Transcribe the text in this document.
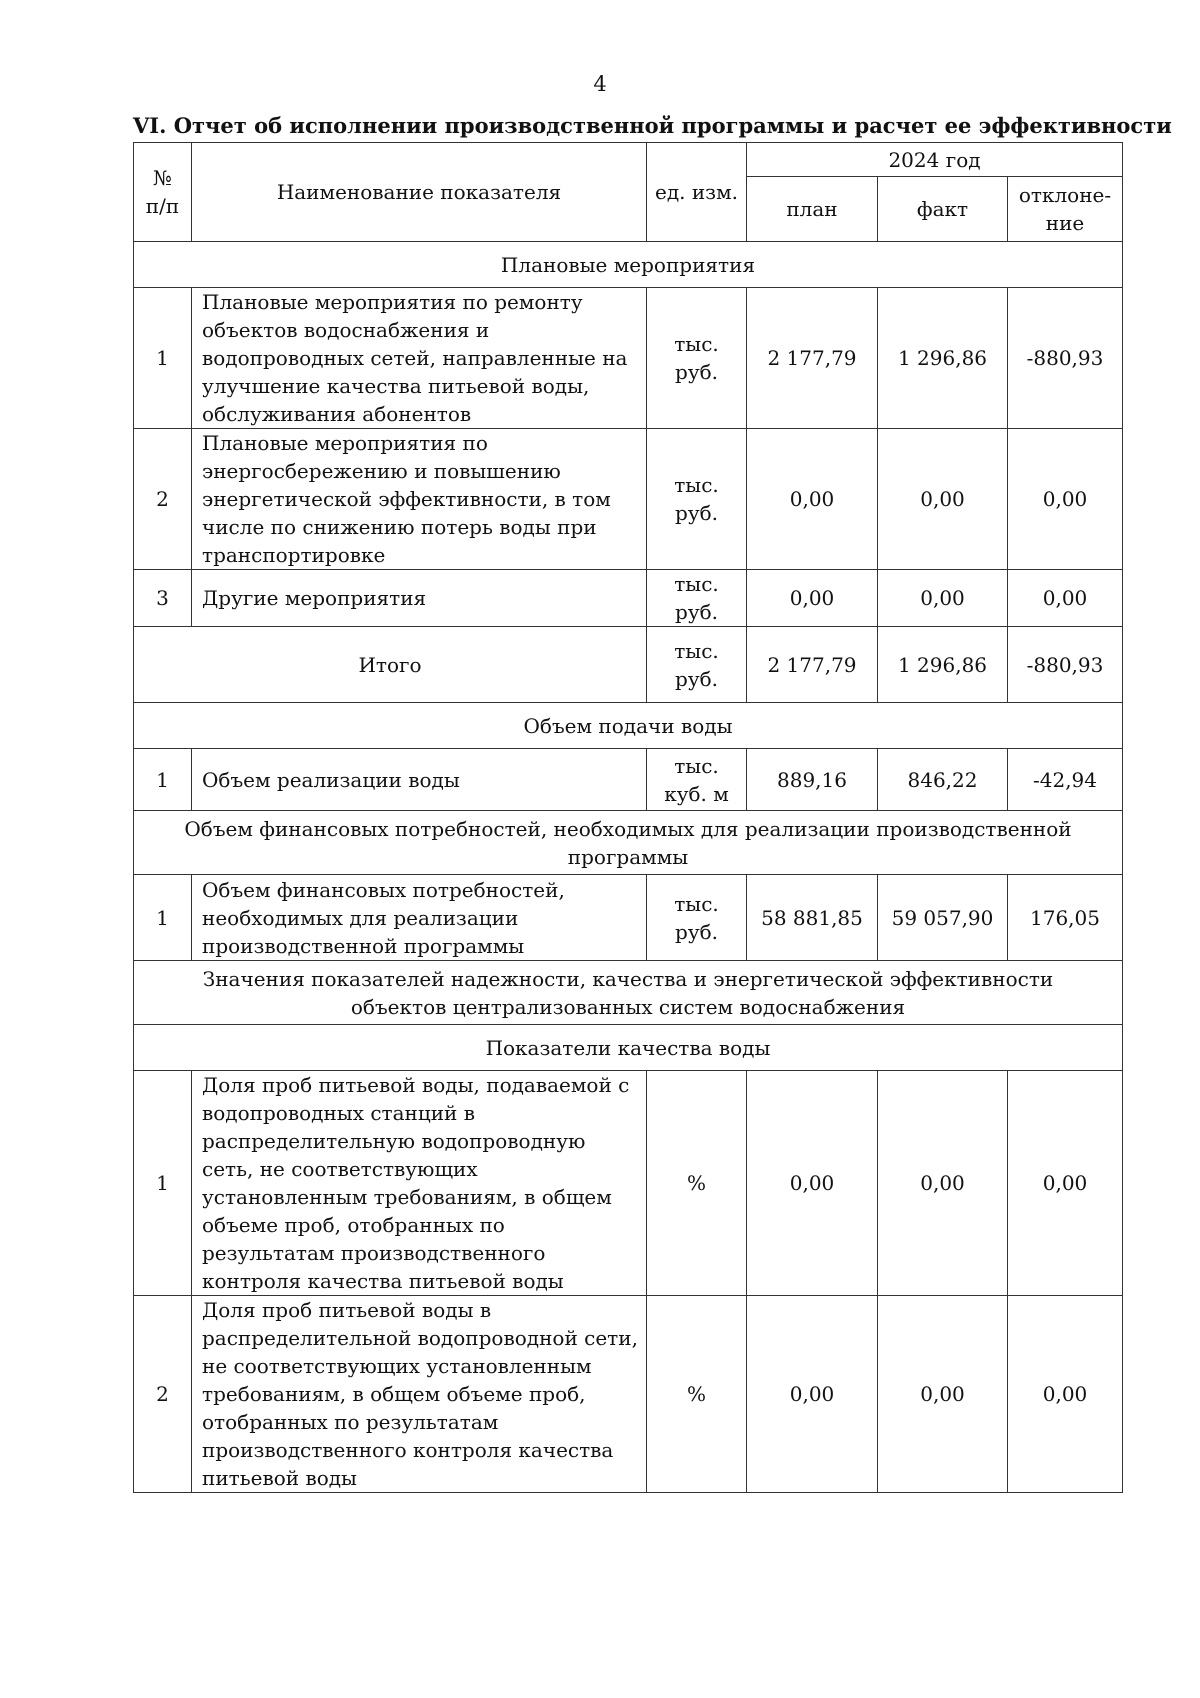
4
VI. Отчет об исполнении производственной программы и расчет ее эффективности
№ п/п	Наименование показателя	ед. изм.	2024 год		
			план	факт	отклоне-ние
Плановые мероприятия					
1	Плановые мероприятия по ремонту объектов водоснабжения и водопроводных сетей, направленные на улучшение качества питьевой воды, обслуживания абонентов	тыс. руб.	2 177,79	1 296,86	-880,93
2	Плановые мероприятия по энергосбережению и повышению энергетической эффективности, в том числе по снижению потерь воды при транспортировке	тыс. руб.	0,00	0,00	0,00
3	Другие мероприятия	тыс. руб.	0,00	0,00	0,00
Итого		тыс. руб.	2 177,79	1 296,86	-880,93
Объем подачи воды					
1	Объем реализации воды	тыс. куб. м	889,16	846,22	-42,94
Объем финансовых потребностей, необходимых для реализации производственной программы					
1	Объем финансовых потребностей, необходимых для реализации производственной программы	тыс. руб.	58 881,85	59 057,90	176,05
Значения показателей надежности, качества и энергетической эффективности объектов централизованных систем водоснабжения					
Показатели качества воды					
1	Доля проб питьевой воды, подаваемой с водопроводных станций в распределительную водопроводную сеть, не соответствующих установленным требованиям, в общем объеме проб, отобранных по результатам производственного контроля качества питьевой воды	%	0,00	0,00	0,00
2	Доля проб питьевой воды в распределительной водопроводной сети, не соответствующих установленным требованиям, в общем объеме проб, отобранных по результатам производственного контроля качества питьевой воды	%	0,00	0,00	0,00
